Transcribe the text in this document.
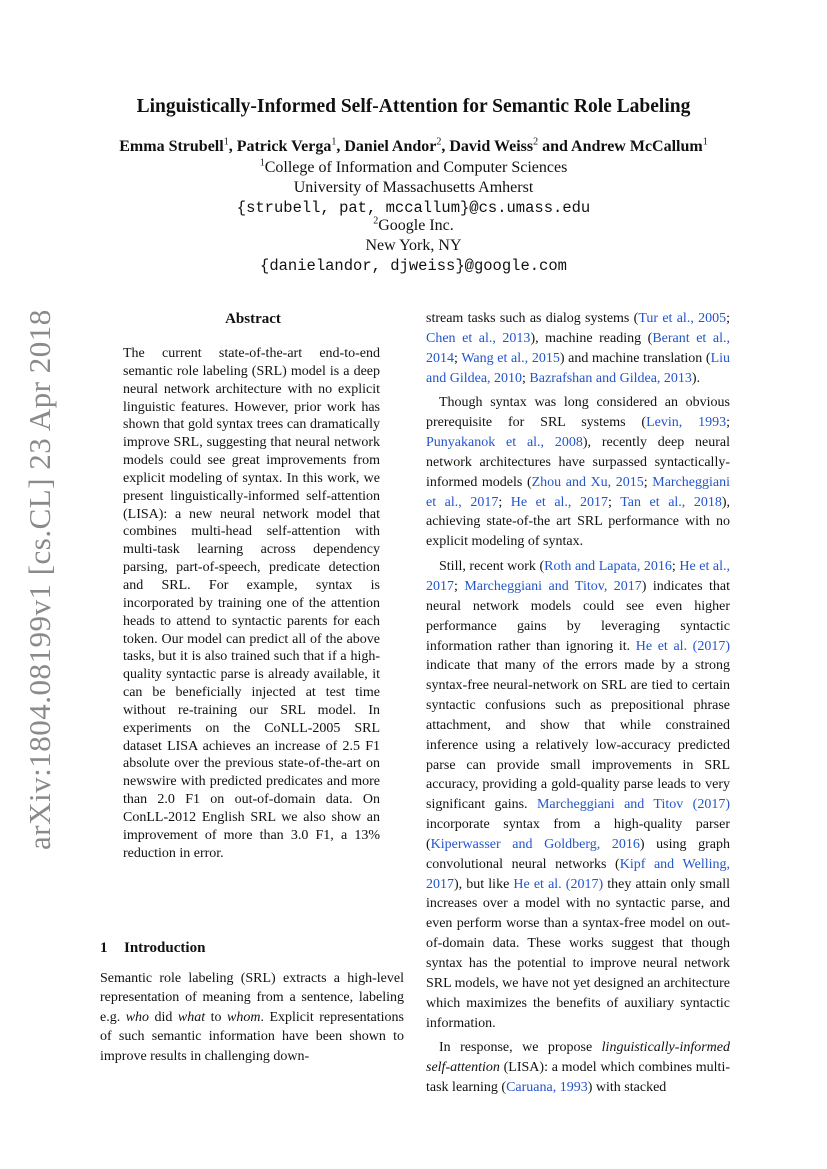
arXiv:1804.08199v1 [cs.CL] 23 Apr 2018
Linguistically-Informed Self-Attention for Semantic Role Labeling
Emma Strubell$^1$, Patrick Verga$^1$, Daniel Andor$^2$, David Weiss$^2$ and Andrew McCallum$^1$
$^1$College of Information and Computer Sciences
University of Massachusetts Amherst
{strubell, pat, mccallum}@cs.umass.edu
$^2$Google Inc.
New York, NY
{danielandor, djweiss}@google.com
Abstract

The current state-of-the-art end-to-end semantic role labeling (SRL) model is a deep neural network architecture with no explicit linguistic features. However, prior work has shown that gold syntax trees can dramatically improve SRL, suggesting that neural network models could see great improvements from explicit modeling of syntax. In this work, we present linguistically-informed self-attention (LISA): a new neural network model that combines multi-head self-attention with multi-task learning across dependency parsing, part-of-speech, predicate detection and SRL. For example, syntax is incorporated by training one of the attention heads to attend to syntactic parents for each token. Our model can predict all of the above tasks, but it is also trained such that if a high-quality syntactic parse is already available, it can be beneficially injected at test time without re-training our SRL model. In experiments on the CoNLL-2005 SRL dataset LISA achieves an increase of 2.5 F1 absolute over the previous state-of-the-art on newswire with predicted predicates and more than 2.0 F1 on out-of-domain data. On ConLL-2012 English SRL we also show an improvement of more than 3.0 F1, a 13% reduction in error.

1 Introduction

Semantic role labeling (SRL) extracts a high-level representation of meaning from a sentence, labeling e.g. who did what to whom. Explicit representations of such semantic information have been shown to improve results in challenging down-

stream tasks such as dialog systems (Tur et al., 2005; Chen et al., 2013), machine reading (Berant et al., 2014; Wang et al., 2015) and machine translation (Liu and Gildea, 2010; Bazrafshan and Gildea, 2013).

Though syntax was long considered an obvious prerequisite for SRL systems (Levin, 1993; Punyakanok et al., 2008), recently deep neural network architectures have surpassed syntactically-informed models (Zhou and Xu, 2015; Marcheggiani et al., 2017; He et al., 2017; Tan et al., 2018), achieving state-of-the art SRL performance with no explicit modeling of syntax.

Still, recent work (Roth and Lapata, 2016; He et al., 2017; Marcheggiani and Titov, 2017) indicates that neural network models could see even higher performance gains by leveraging syntactic information rather than ignoring it. He et al. (2017) indicate that many of the errors made by a strong syntax-free neural-network on SRL are tied to certain syntactic confusions such as prepositional phrase attachment, and show that while constrained inference using a relatively low-accuracy predicted parse can provide small improvements in SRL accuracy, providing a gold-quality parse leads to very significant gains. Marcheggiani and Titov (2017) incorporate syntax from a high-quality parser (Kiperwasser and Goldberg, 2016) using graph convolutional neural networks (Kipf and Welling, 2017), but like He et al. (2017) they attain only small increases over a model with no syntactic parse, and even perform worse than a syntax-free model on out-of-domain data. These works suggest that though syntax has the potential to improve neural network SRL models, we have not yet designed an architecture which maximizes the benefits of auxiliary syntactic information.

In response, we propose linguistically-informed self-attention (LISA): a model which combines multi-task learning (Caruana, 1993) with stacked
